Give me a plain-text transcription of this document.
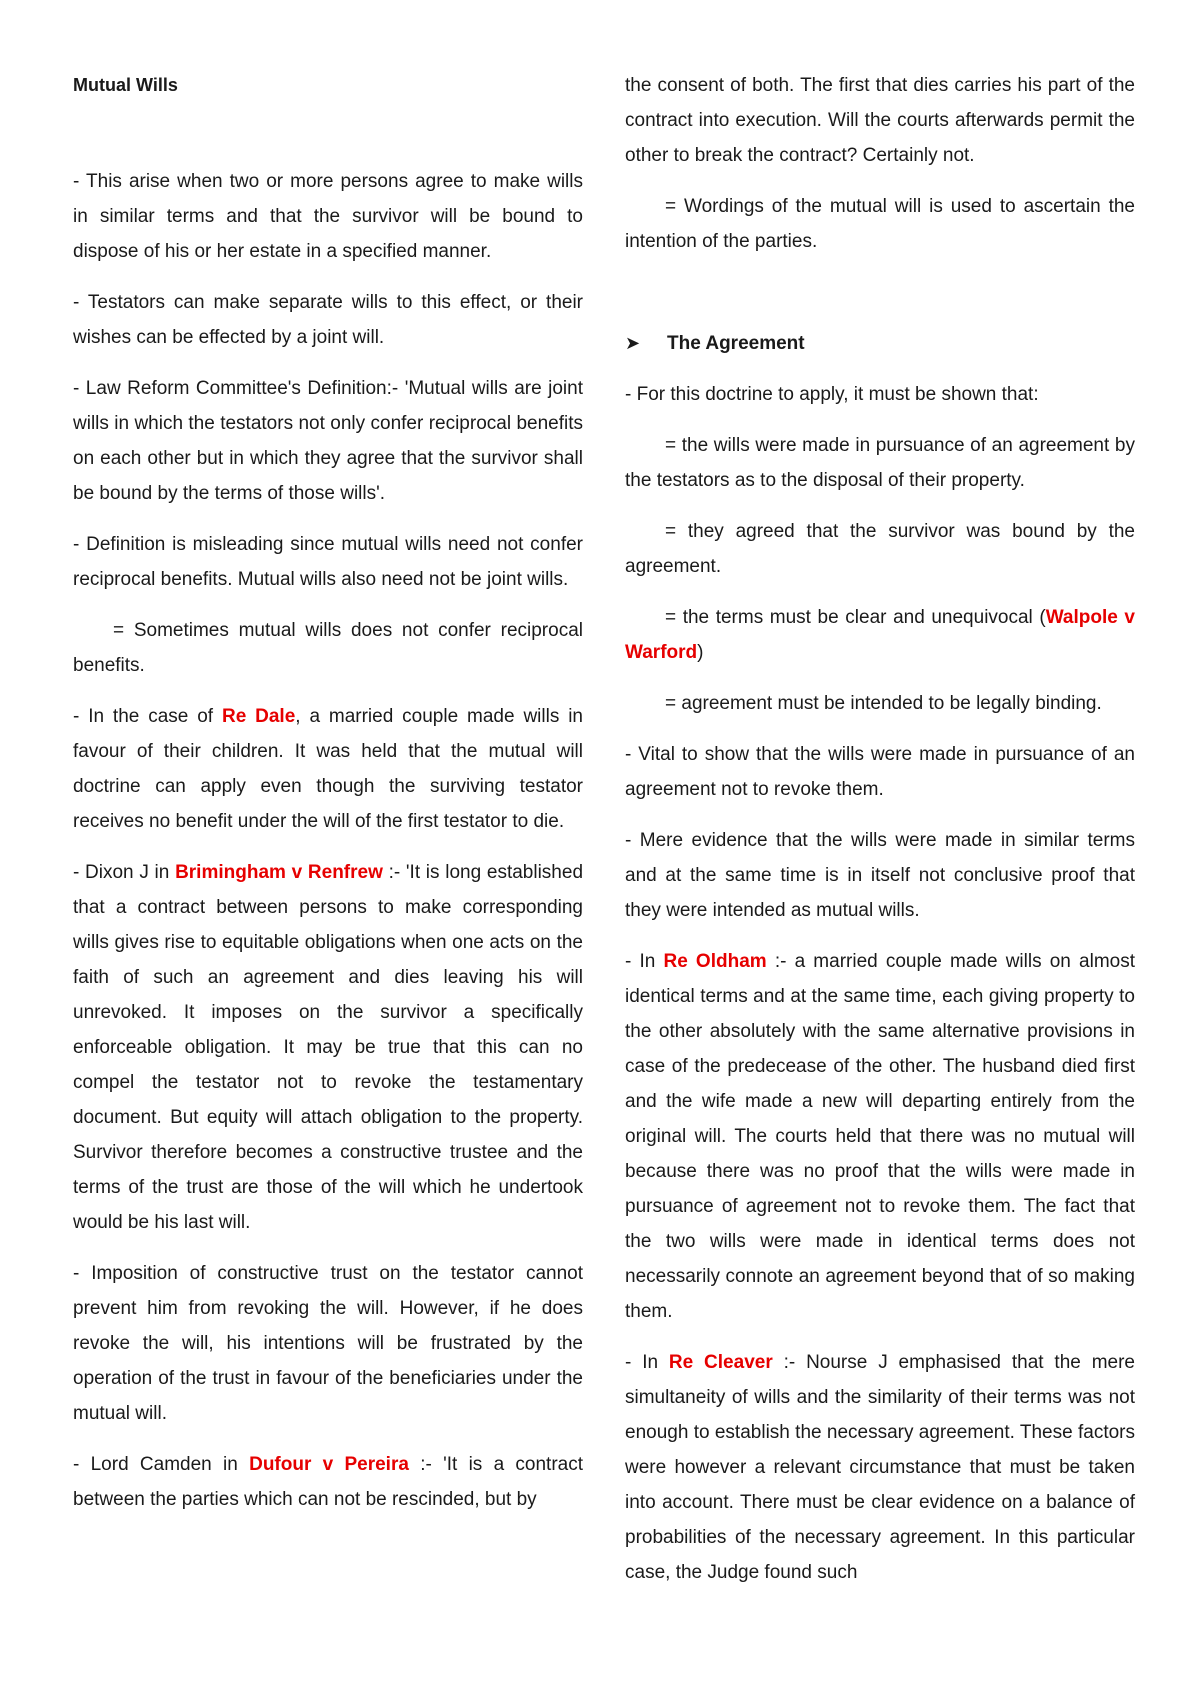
Mutual Wills

- This arise when two or more persons agree to make wills in similar terms and that the survivor will be bound to dispose of his or her estate in a specified manner.

- Testators can make separate wills to this effect, or their wishes can be effected by a joint will.

- Law Reform Committee's Definition:- 'Mutual wills are joint wills in which the testators not only confer reciprocal benefits on each other but in which they agree that the survivor shall be bound by the terms of those wills'.

- Definition is misleading since mutual wills need not confer reciprocal benefits. Mutual wills also need not be joint wills.

= Sometimes mutual wills does not confer reciprocal benefits.

- In the case of Re Dale, a married couple made wills in favour of their children. It was held that the mutual will doctrine can apply even though the surviving testator receives no benefit under the will of the first testator to die.

- Dixon J in Brimingham v Renfrew :- 'It is long established that a contract between persons to make corresponding wills gives rise to equitable obligations when one acts on the faith of such an agreement and dies leaving his will unrevoked. It imposes on the survivor a specifically enforceable obligation. It may be true that this can no compel the testator not to revoke the testamentary document. But equity will attach obligation to the property. Survivor therefore becomes a constructive trustee and the terms of the trust are those of the will which he undertook would be his last will.

- Imposition of constructive trust on the testator cannot prevent him from revoking the will. However, if he does revoke the will, his intentions will be frustrated by the operation of the trust in favour of the beneficiaries under the mutual will.

- Lord Camden in Dufour v Pereira :- 'It is a contract between the parties which can not be rescinded, but by

the consent of both. The first that dies carries his part of the contract into execution. Will the courts afterwards permit the other to break the contract? Certainly not.

= Wordings of the mutual will is used to ascertain the intention of the parties.

➤	The Agreement

- For this doctrine to apply, it must be shown that:

= the wills were made in pursuance of an agreement by the testators as to the disposal of their property.

= they agreed that the survivor was bound by the agreement.

= the terms must be clear and unequivocal (Walpole v Warford)

= agreement must be intended to be legally binding.

- Vital to show that the wills were made in pursuance of an agreement not to revoke them.

- Mere evidence that the wills were made in similar terms and at the same time is in itself not conclusive proof that they were intended as mutual wills.

- In Re Oldham :- a married couple made wills on almost identical terms and at the same time, each giving property to the other absolutely with the same alternative provisions in case of the predecease of the other. The husband died first and the wife made a new will departing entirely from the original will. The courts held that there was no mutual will because there was no proof that the wills were made in pursuance of agreement not to revoke them. The fact that the two wills were made in identical terms does not necessarily connote an agreement beyond that of so making them.

- In Re Cleaver :- Nourse J emphasised that the mere simultaneity of wills and the similarity of their terms was not enough to establish the necessary agreement. These factors were however a relevant circumstance that must be taken into account. There must be clear evidence on a balance of probabilities of the necessary agreement. In this particular case, the Judge found such
